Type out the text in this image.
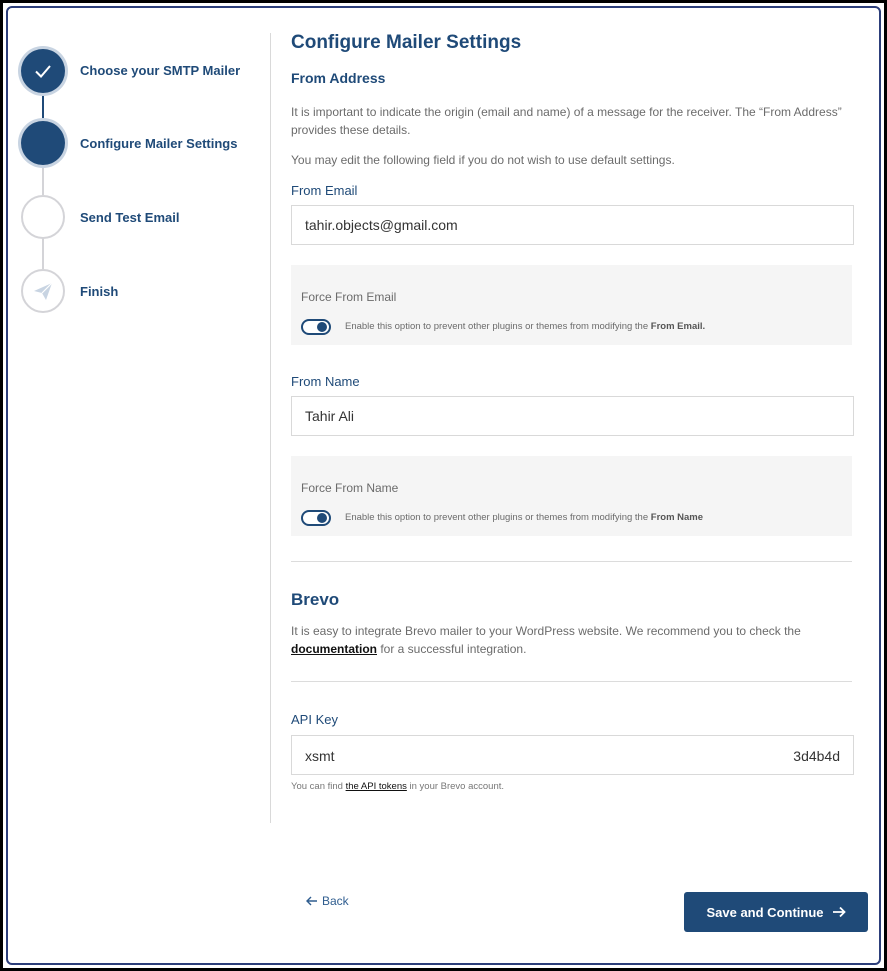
Choose your SMTP Mailer
Configure Mailer Settings
Send Test Email
Finish
Configure Mailer Settings
From Address
It is important to indicate the origin (email and name) of a message for the receiver. The “From Address” provides these details.
You may edit the following field if you do not wish to use default settings.
From Email
tahir.objects@gmail.com
Force From Email
Enable this option to prevent other plugins or themes from modifying the From Email.
From Name
Tahir Ali
Force From Name
Enable this option to prevent other plugins or themes from modifying the From Name
Brevo
It is easy to integrate Brevo mailer to your WordPress website. We recommend you to check the documentation for a successful integration.
API Key
xsmt	3d4b4d
You can find the API tokens in your Brevo account.
Back
Save and Continue
